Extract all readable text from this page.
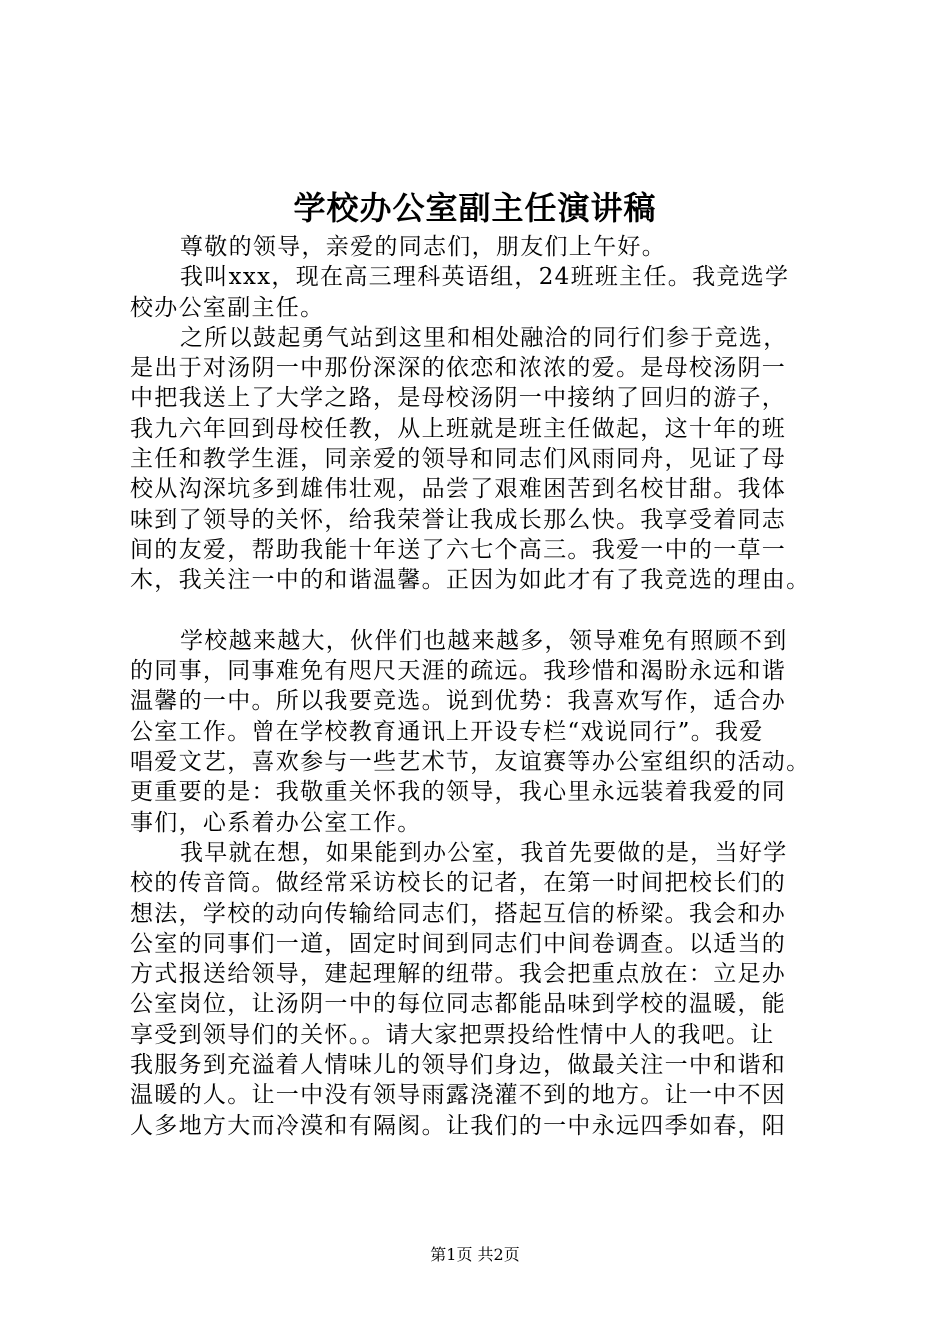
学校办公室副主任演讲稿
尊敬的领导，亲爱的同志们，朋友们上午好。
我叫xxx，现在高三理科英语组，24班班主任。我竞选学
校办公室副主任。
之所以鼓起勇气站到这里和相处融洽的同行们参于竞选，
是出于对汤阴一中那份深深的依恋和浓浓的爱。是母校汤阴一
中把我送上了大学之路，是母校汤阴一中接纳了回归的游子，
我九六年回到母校任教，从上班就是班主任做起，这十年的班
主任和教学生涯，同亲爱的领导和同志们风雨同舟，见证了母
校从沟深坑多到雄伟壮观，品尝了艰难困苦到名校甘甜。我体
味到了领导的关怀，给我荣誉让我成长那么快。我享受着同志
间的友爱，帮助我能十年送了六七个高三。我爱一中的一草一
木，我关注一中的和谐温馨。正因为如此才有了我竞选的理由。
学校越来越大，伙伴们也越来越多，领导难免有照顾不到
的同事，同事难免有咫尺天涯的疏远。我珍惜和渴盼永远和谐
温馨的一中。所以我要竞选。说到优势：我喜欢写作，适合办
公室工作。曾在学校教育通讯上开设专栏“戏说同行”。我爱
唱爱文艺，喜欢参与一些艺术节，友谊赛等办公室组织的活动。
更重要的是：我敬重关怀我的领导，我心里永远装着我爱的同
事们，心系着办公室工作。
我早就在想，如果能到办公室，我首先要做的是，当好学
校的传音筒。做经常采访校长的记者，在第一时间把校长们的
想法，学校的动向传输给同志们，搭起互信的桥梁。我会和办
公室的同事们一道，固定时间到同志们中间卷调查。以适当的
方式报送给领导，建起理解的纽带。我会把重点放在：立足办
公室岗位，让汤阴一中的每位同志都能品味到学校的温暖，能
享受到领导们的关怀。。请大家把票投给性情中人的我吧。让
我服务到充溢着人情味儿的领导们身边，做最关注一中和谐和
温暖的人。让一中没有领导雨露浇灌不到的地方。让一中不因
人多地方大而冷漠和有隔阂。让我们的一中永远四季如春，阳
第1页 共2页
